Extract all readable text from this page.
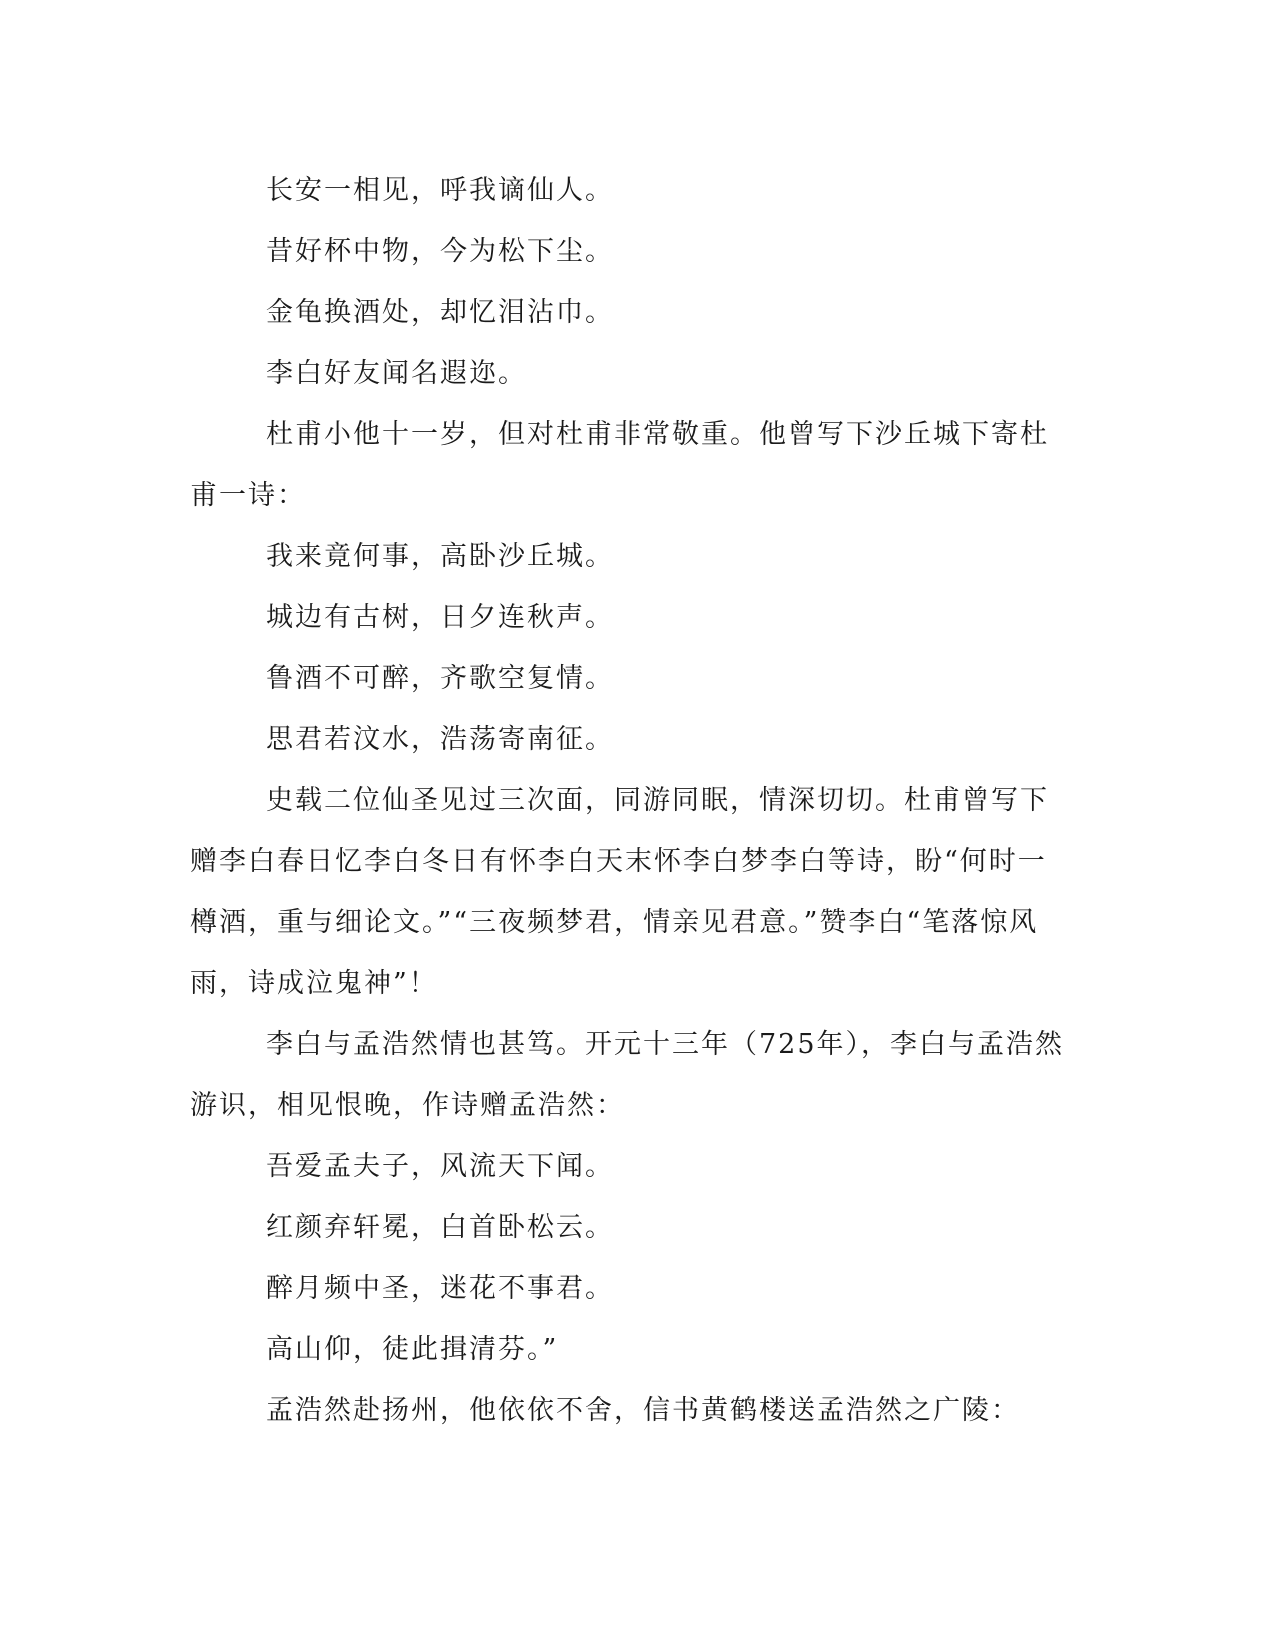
长安一相见，呼我谪仙人。

昔好杯中物，今为松下尘。

金龟换酒处，却忆泪沾巾。

李白好友闻名遐迩。

杜甫小他十一岁，但对杜甫非常敬重。他曾写下沙丘城下寄杜甫一诗：

我来竟何事，高卧沙丘城。

城边有古树，日夕连秋声。

鲁酒不可醉，齐歌空复情。

思君若汶水，浩荡寄南征。

史载二位仙圣见过三次面，同游同眠，情深切切。杜甫曾写下赠李白春日忆李白冬日有怀李白天末怀李白梦李白等诗，盼“何时一樽酒，重与细论文。”“三夜频梦君，情亲见君意。”赞李白“笔落惊风雨，诗成泣鬼神”！

李白与孟浩然情也甚笃。开元十三年（725年），李白与孟浩然游识，相见恨晚，作诗赠孟浩然：

吾爱孟夫子，风流天下闻。

红颜弃轩冕，白首卧松云。

醉月频中圣，迷花不事君。

高山仰，徒此揖清芬。”

孟浩然赴扬州，他依依不舍，信书黄鹤楼送孟浩然之广陵：
